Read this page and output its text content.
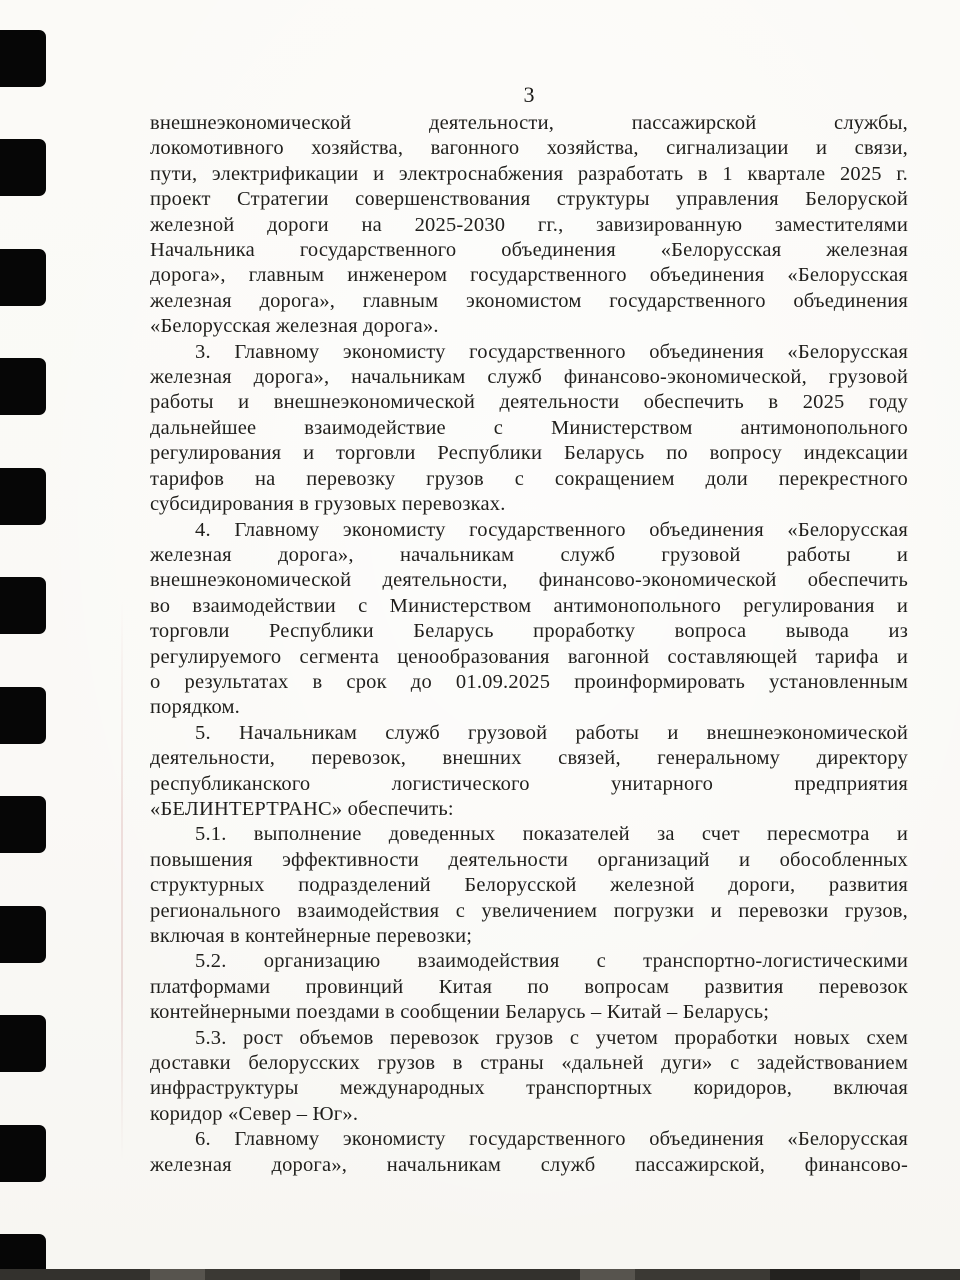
3
внешнеэкономической деятельности, пассажирской службы,
локомотивного хозяйства, вагонного хозяйства, сигнализации и связи,
пути, электрификации и электроснабжения разработать в 1 квартале 2025 г.
проект Стратегии совершенствования структуры управления Белоруской
железной дороги на 2025-2030 гг., завизированную заместителями
Начальника государственного объединения «Белорусская железная
дорога», главным инженером государственного объединения «Белорусская
железная дорога», главным экономистом государственного объединения
«Белорусская железная дорога».
3. Главному экономисту государственного объединения «Белорусская
железная дорога», начальникам служб финансово-экономической, грузовой
работы и внешнеэкономической деятельности обеспечить в 2025 году
дальнейшее взаимодействие с Министерством антимонопольного
регулирования и торговли Республики Беларусь по вопросу индексации
тарифов на перевозку грузов с сокращением доли перекрестного
субсидирования в грузовых перевозках.
4. Главному экономисту государственного объединения «Белорусская
железная дорога», начальникам служб грузовой работы и
внешнеэкономической деятельности, финансово-экономической обеспечить
во взаимодействии с Министерством антимонопольного регулирования и
торговли Республики Беларусь проработку вопроса вывода из
регулируемого сегмента ценообразования вагонной составляющей тарифа и
о результатах в срок до 01.09.2025 проинформировать установленным
порядком.
5. Начальникам служб грузовой работы и внешнеэкономической
деятельности, перевозок, внешних связей, генеральному директору
республиканского логистического унитарного предприятия
«БЕЛИНТЕРТРАНС» обеспечить:
5.1. выполнение доведенных показателей за счет пересмотра и
повышения эффективности деятельности организаций и обособленных
структурных подразделений Белорусской железной дороги, развития
регионального взаимодействия с увеличением погрузки и перевозки грузов,
включая в контейнерные перевозки;
5.2. организацию взаимодействия с транспортно-логистическими
платформами провинций Китая по вопросам развития перевозок
контейнерными поездами в сообщении Беларусь – Китай – Беларусь;
5.3. рост объемов перевозок грузов с учетом проработки новых схем
доставки белорусских грузов в страны «дальней дуги» с задействованием
инфраструктуры международных транспортных коридоров, включая
коридор «Север – Юг».
6. Главному экономисту государственного объединения «Белорусская
железная дорога», начальникам служб пассажирской, финансово-
